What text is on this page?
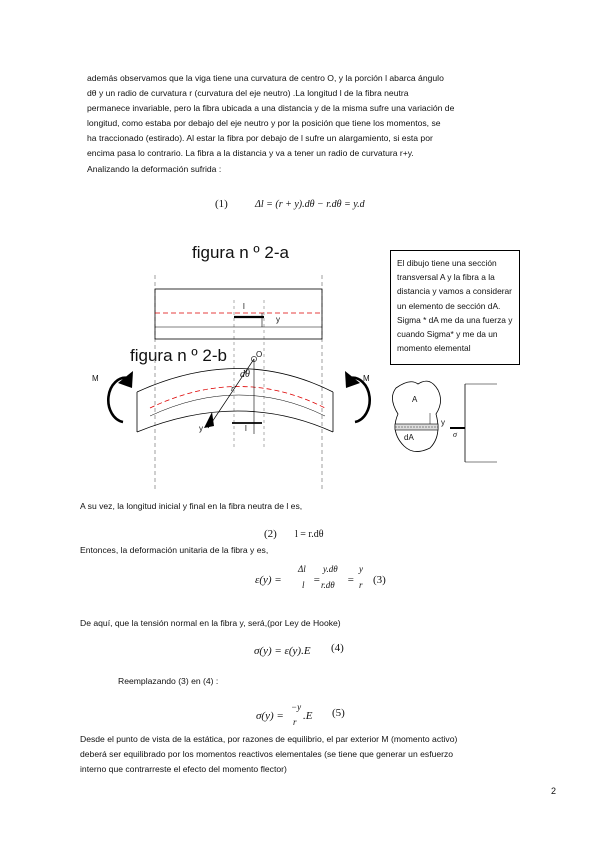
además observamos que la viga tiene una curvatura de centro O, y la porción l abarca ángulo

dθ y un radio de curvatura r (curvatura del eje neutro) .La longitud l de la fibra neutra

permanece invariable, pero la fibra ubicada a una distancia y de la misma sufre una variación de

longitud, como estaba por debajo del eje neutro y por la posición que tiene los momentos, se

ha traccionado (estirado). Al estar la fibra por debajo de l sufre un alargamiento, si esta por

encima pasa lo contrario. La fibra a la distancia y va a tener un radio de curvatura r+y.

Analizando la deformación sufrida :

(1)	Δl = (r + y).dθ − r.dθ = y.d
figura n º 2-a
figura n º 2-b
l
y
O
r
dθ
y	l
M	M
A
dA
y
σ
El dibujo tiene una sección transversal A y la fibra a la distancia y vamos a considerar un elemento de sección dA. Sigma * dA me da una fuerza y cuando Sigma* y me da un momento elemental

A su vez, la longitud inicial y final en la fibra neutra de l es,

(2) l = r.dθ

Entonces, la deformación unitaria de la fibra y es,

ε(y) =
Δl
l =
y.dθ
r.dθ =
y
r (3)

De aquí, que la tensión normal en la fibra y, será,(por Ley de Hooke)

σ(y) = ε(y).E (4)

Reemplazando (3) en (4) :

σ(y) =
−y
r .E (5)

Desde el punto de vista de la estática, por razones de equilibrio, el par exterior M (momento activo)

deberá ser equilibrado por los momentos reactivos elementales (se tiene que generar un esfuerzo

interno que contrarreste el efecto del momento flector)

2
